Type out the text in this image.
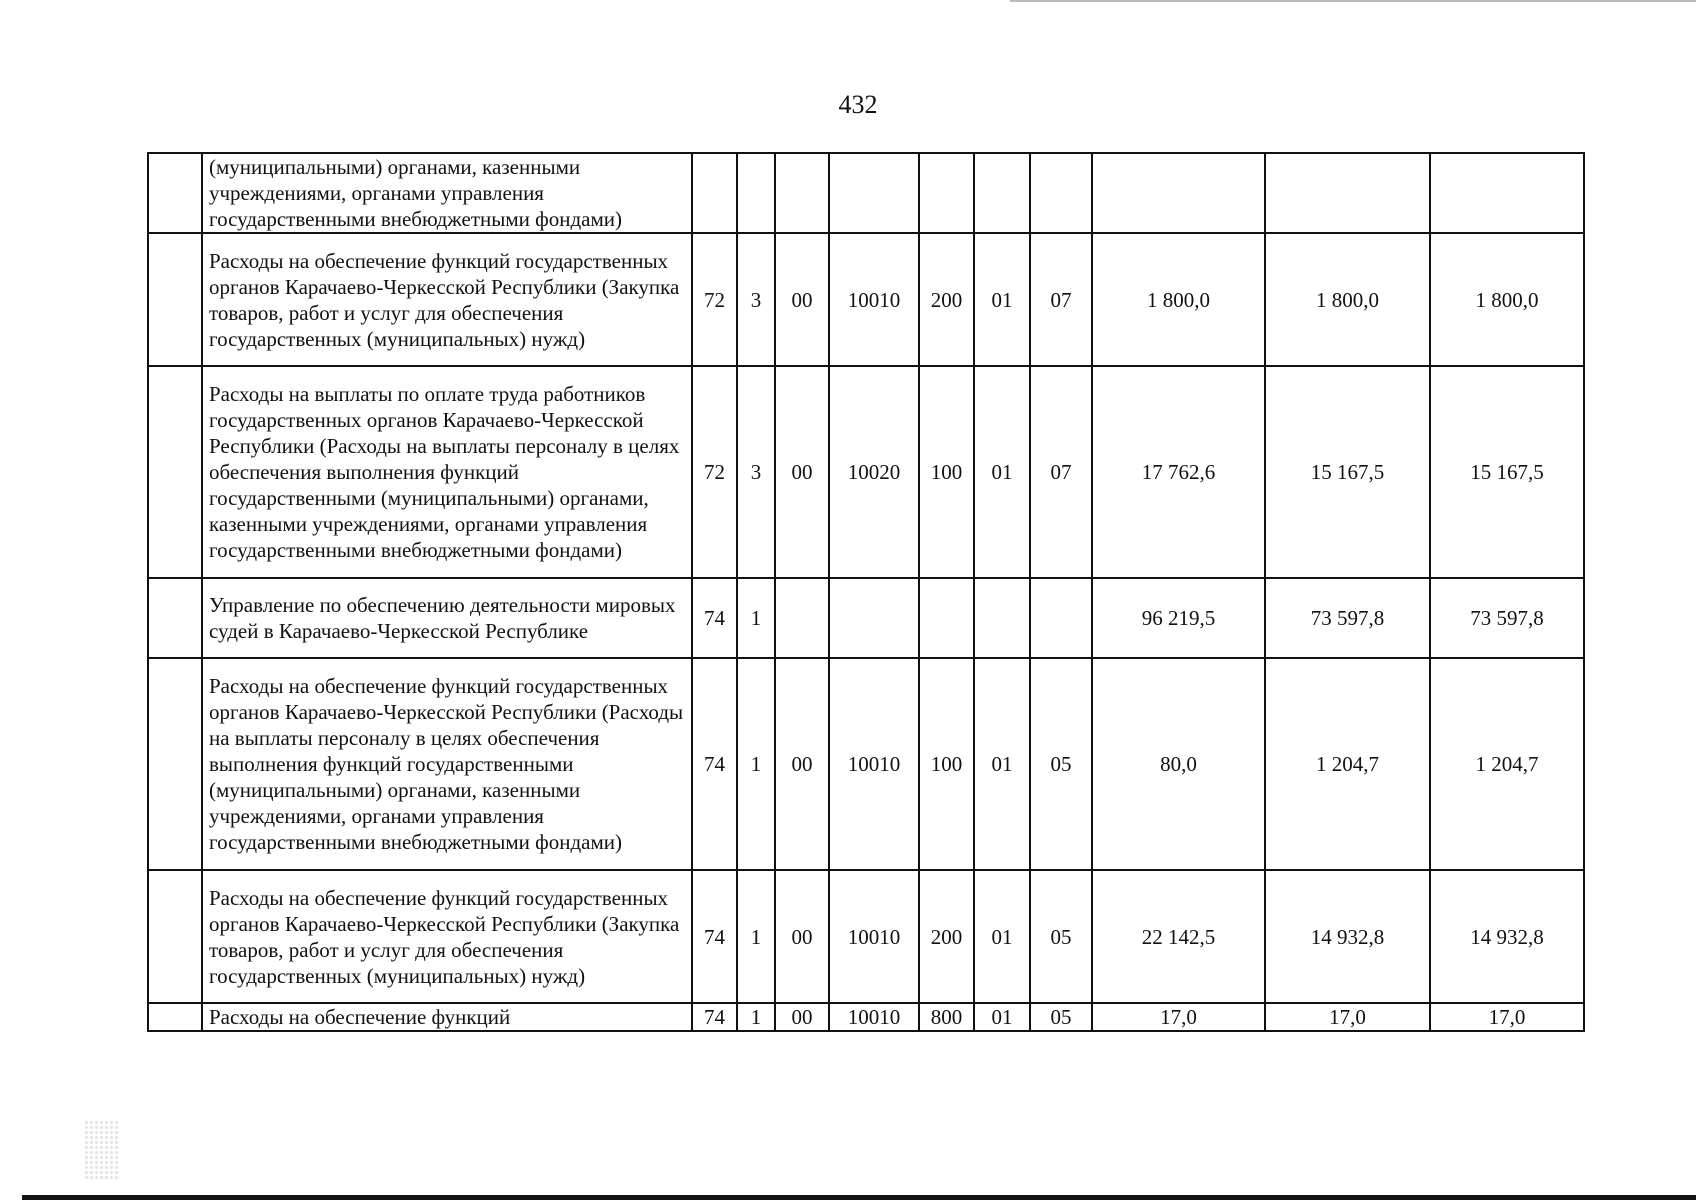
432
	(муниципальными) органами, казенными учреждениями, органами управления государственными внебюджетными фондами)										
	Расходы на обеспечение функций государственных органов Карачаево-Черкесской Республики (Закупка товаров, работ и услуг для обеспечения государственных (муниципальных) нужд)	72	3	00	10010	200	01	07	1 800,0	1 800,0	1 800,0
	Расходы на выплаты по оплате труда работников государственных органов Карачаево-Черкесской Республики (Расходы на выплаты персоналу в целях обеспечения выполнения функций государственными (муниципальными) органами, казенными учреждениями, органами управления государственными внебюджетными фондами)	72	3	00	10020	100	01	07	17 762,6	15 167,5	15 167,5
	Управление по обеспечению деятельности мировых судей в Карачаево-Черкесской Республике	74	1						96 219,5	73 597,8	73 597,8
	Расходы на обеспечение функций государственных органов Карачаево-Черкесской Республики (Расходы на выплаты персоналу в целях обеспечения выполнения функций государственными (муниципальными) органами, казенными учреждениями, органами управления государственными внебюджетными фондами)	74	1	00	10010	100	01	05	80,0	1 204,7	1 204,7
	Расходы на обеспечение функций государственных органов Карачаево-Черкесской Республики (Закупка товаров, работ и услуг для обеспечения государственных (муниципальных) нужд)	74	1	00	10010	200	01	05	22 142,5	14 932,8	14 932,8
	Расходы на обеспечение функций	74	1	00	10010	800	01	05	17,0	17,0	17,0
